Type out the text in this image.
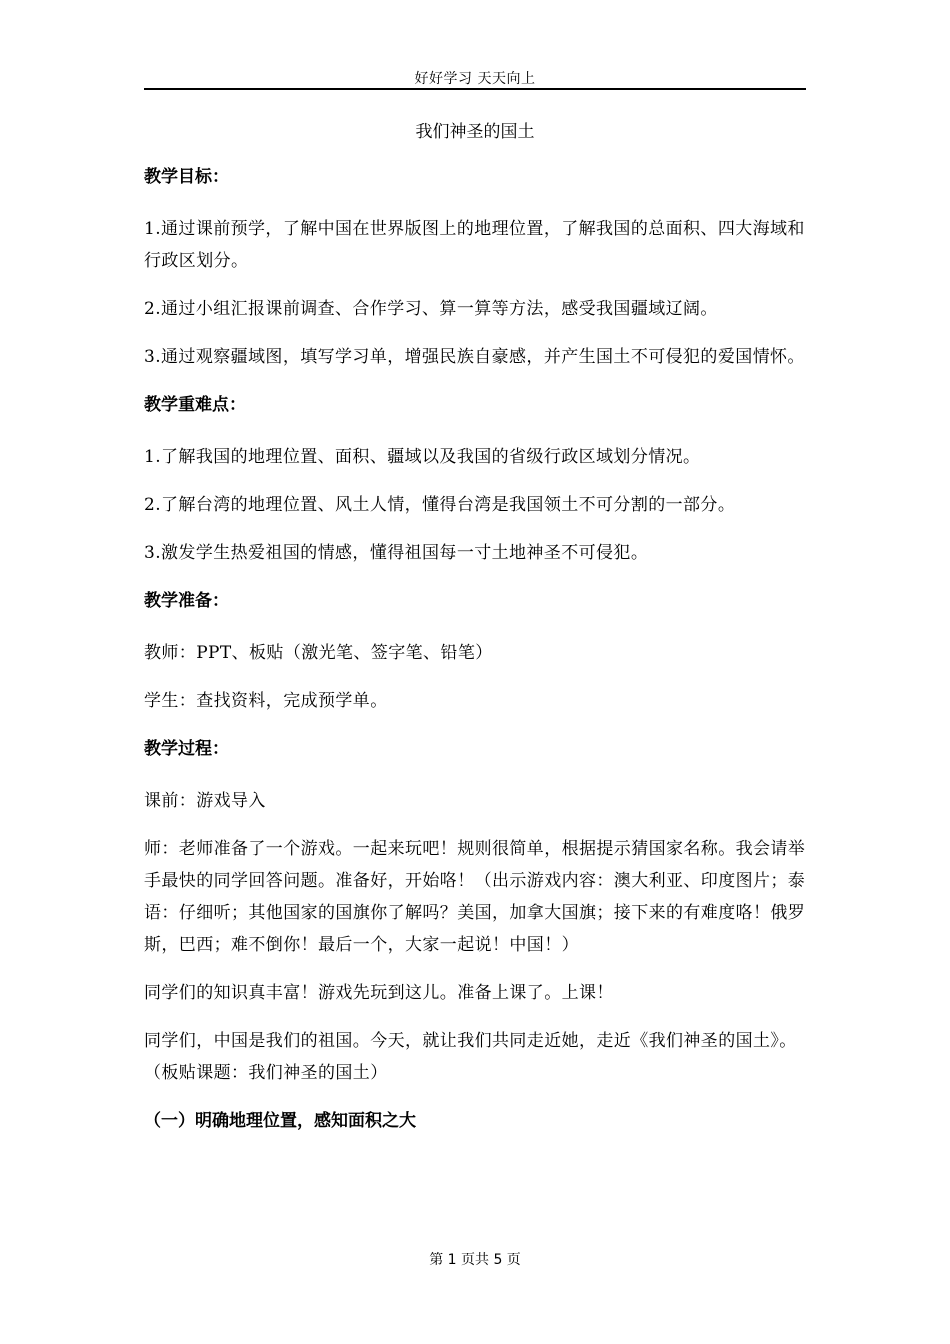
好好学习 天天向上
我们神圣的国土
教学目标：
1.通过课前预学，了解中国在世界版图上的地理位置，了解我国的总面积、四大海域和行政区划分。
2.通过小组汇报课前调查、合作学习、算一算等方法，感受我国疆域辽阔。
3.通过观察疆域图，填写学习单，增强民族自豪感，并产生国土不可侵犯的爱国情怀。
教学重难点：
1.了解我国的地理位置、面积、疆域以及我国的省级行政区域划分情况。
2.了解台湾的地理位置、风土人情，懂得台湾是我国领土不可分割的一部分。
3.激发学生热爱祖国的情感，懂得祖国每一寸土地神圣不可侵犯。
教学准备：
教师：PPT、板贴（激光笔、签字笔、铅笔）
学生：查找资料，完成预学单。
教学过程：
课前：游戏导入
师：老师准备了一个游戏。一起来玩吧！规则很简单，根据提示猜国家名称。我会请举手最快的同学回答问题。准备好，开始咯！（出示游戏内容：澳大利亚、印度图片；泰语：仔细听；其他国家的国旗你了解吗？美国，加拿大国旗；接下来的有难度咯！俄罗斯，巴西；难不倒你！最后一个，大家一起说！中国！）
同学们的知识真丰富！游戏先玩到这儿。准备上课了。上课！
同学们，中国是我们的祖国。今天，就让我们共同走近她，走近《我们神圣的国土》。（板贴课题：我们神圣的国土）
（一）明确地理位置，感知面积之大
第 1 页共 5 页
